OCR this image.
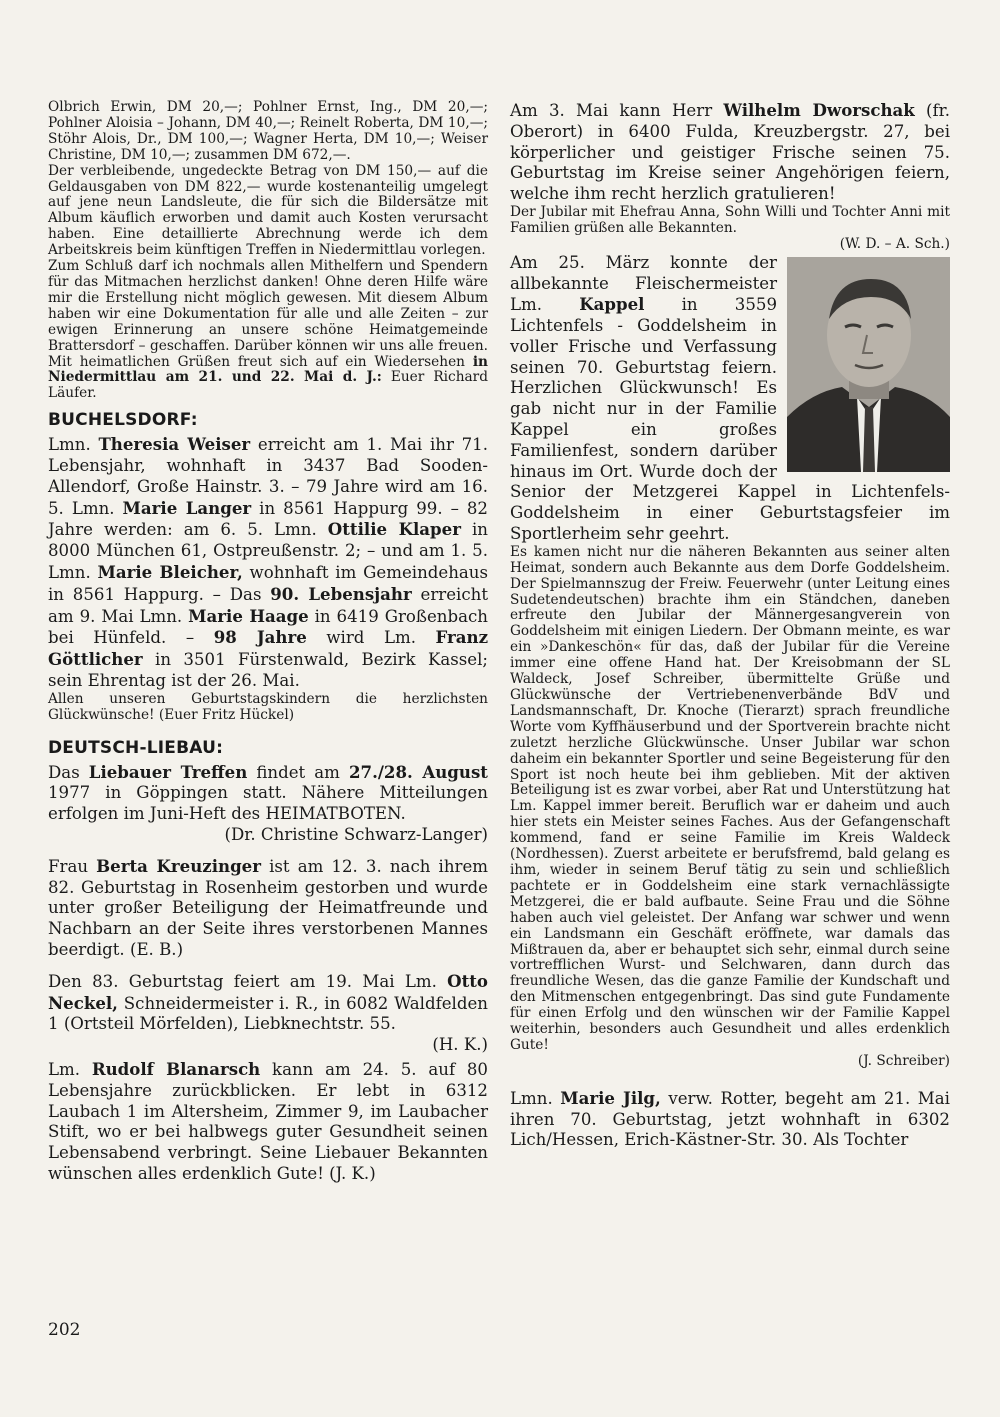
Olbrich Erwin, DM 20,—; Pohlner Ernst, Ing., DM 20,—; Pohlner Aloisia – Johann, DM 40,—; Reinelt Roberta, DM 10,—; Stöhr Alois, Dr., DM 100,—; Wagner Herta, DM 10,—; Weiser Christine, DM 10,—; zusammen DM 672,—.

Der verbleibende, ungedeckte Betrag von DM 150,— auf die Geldausgaben von DM 822,— wurde kostenanteilig umgelegt auf jene neun Landsleute, die für sich die Bildersätze mit Album käuflich erworben und damit auch Kosten verursacht haben. Eine detaillierte Abrechnung werde ich dem Arbeitskreis beim künftigen Treffen in Niedermittlau vorlegen.

Zum Schluß darf ich nochmals allen Mithelfern und Spendern für das Mitmachen herzlichst danken! Ohne deren Hilfe wäre mir die Erstellung nicht möglich gewesen. Mit diesem Album haben wir eine Dokumentation für alle und alle Zeiten – zur ewigen Erinnerung an unsere schöne Heimatgemeinde Brattersdorf – geschaffen. Darüber können wir uns alle freuen. Mit heimatlichen Grüßen freut sich auf ein Wiedersehen in Niedermittlau am 21. und 22. Mai d. J.: Euer Richard Läufer.

BUCHELSDORF:

Lmn. Theresia Weiser erreicht am 1. Mai ihr 71. Lebensjahr, wohnhaft in 3437 Bad Sooden-Allendorf, Große Hainstr. 3. – 79 Jahre wird am 16. 5. Lmn. Marie Langer in 8561 Happurg 99. – 82 Jahre werden: am 6. 5. Lmn. Ottilie Klaper in 8000 München 61, Ostpreußenstr. 2; – und am 1. 5. Lmn. Marie Bleicher, wohnhaft im Gemeindehaus in 8561 Happurg. – Das 90. Lebensjahr erreicht am 9. Mai Lmn. Marie Haage in 6419 Großenbach bei Hünfeld. – 98 Jahre wird Lm. Franz Göttlicher in 3501 Fürstenwald, Bezirk Kassel; sein Ehrentag ist der 26. Mai.

Allen unseren Geburtstagskindern die herzlichsten Glückwünsche! (Euer Fritz Hückel)

DEUTSCH-LIEBAU:

Das Liebauer Treffen findet am 27./28. August 1977 in Göppingen statt. Nähere Mitteilungen erfolgen im Juni-Heft des HEIMATBOTEN.

(Dr. Christine Schwarz-Langer)

Frau Berta Kreuzinger ist am 12. 3. nach ihrem 82. Geburtstag in Rosenheim gestorben und wurde unter großer Beteiligung der Heimatfreunde und Nachbarn an der Seite ihres verstorbenen Mannes beerdigt. (E. B.)

Den 83. Geburtstag feiert am 19. Mai Lm. Otto Neckel, Schneidermeister i. R., in 6082 Waldfelden 1 (Ortsteil Mörfelden), Liebknechtstr. 55.

(H. K.)

Lm. Rudolf Blanarsch kann am 24. 5. auf 80 Lebensjahre zurückblicken. Er lebt in 6312 Laubach 1 im Altersheim, Zimmer 9, im Laubacher Stift, wo er bei halbwegs guter Gesundheit seinen Lebensabend verbringt. Seine Liebauer Bekannten wünschen alles erdenklich Gute! (J. K.)

Am 3. Mai kann Herr Wilhelm Dworschak (fr. Oberort) in 6400 Fulda, Kreuzbergstr. 27, bei körperlicher und geistiger Frische seinen 75. Geburtstag im Kreise seiner Angehörigen feiern, welche ihm recht herzlich gratulieren!

Der Jubilar mit Ehefrau Anna, Sohn Willi und Tochter Anni mit Familien grüßen alle Bekannten.

(W. D. – A. Sch.)

Am 25. März konnte der allbekannte Fleischermeister Lm. Kappel in 3559 Lichtenfels - Goddelsheim in voller Frische und Verfassung seinen 70. Geburtstag feiern. Herzlichen Glückwunsch! Es gab nicht nur in der Familie Kappel ein großes Familienfest, sondern darüber hinaus im Ort. Wurde doch der Senior der Metzgerei Kappel in Lichtenfels-Goddelsheim in einer Geburtstagsfeier im Sportlerheim sehr geehrt.

Es kamen nicht nur die näheren Bekannten aus seiner alten Heimat, sondern auch Bekannte aus dem Dorfe Goddelsheim. Der Spielmannszug der Freiw. Feuerwehr (unter Leitung eines Sudetendeutschen) brachte ihm ein Ständchen, daneben erfreute den Jubilar der Männergesangverein von Goddelsheim mit einigen Liedern. Der Obmann meinte, es war ein »Dankeschön« für das, daß der Jubilar für die Vereine immer eine offene Hand hat. Der Kreisobmann der SL Waldeck, Josef Schreiber, übermittelte Grüße und Glückwünsche der Vertriebenenverbände BdV und Landsmannschaft, Dr. Knoche (Tierarzt) sprach freundliche Worte vom Kyffhäuserbund und der Sportverein brachte nicht zuletzt herzliche Glückwünsche. Unser Jubilar war schon daheim ein bekannter Sportler und seine Begeisterung für den Sport ist noch heute bei ihm geblieben. Mit der aktiven Beteiligung ist es zwar vorbei, aber Rat und Unterstützung hat Lm. Kappel immer bereit. Beruflich war er daheim und auch hier stets ein Meister seines Faches. Aus der Gefangenschaft kommend, fand er seine Familie im Kreis Waldeck (Nordhessen). Zuerst arbeitete er berufsfremd, bald gelang es ihm, wieder in seinem Beruf tätig zu sein und schließlich pachtete er in Goddelsheim eine stark vernachlässigte Metzgerei, die er bald aufbaute. Seine Frau und die Söhne haben auch viel geleistet. Der Anfang war schwer und wenn ein Landsmann ein Geschäft eröffnete, war damals das Mißtrauen da, aber er behauptet sich sehr, einmal durch seine vortrefflichen Wurst- und Selchwaren, dann durch das freundliche Wesen, das die ganze Familie der Kundschaft und den Mitmenschen entgegenbringt. Das sind gute Fundamente für einen Erfolg und den wünschen wir der Familie Kappel weiterhin, besonders auch Gesundheit und alles erdenklich Gute!

(J. Schreiber)

Lmn. Marie Jilg, verw. Rotter, begeht am 21. Mai ihren 70. Geburtstag, jetzt wohnhaft in 6302 Lich/Hessen, Erich-Kästner-Str. 30. Als Tochter

202
